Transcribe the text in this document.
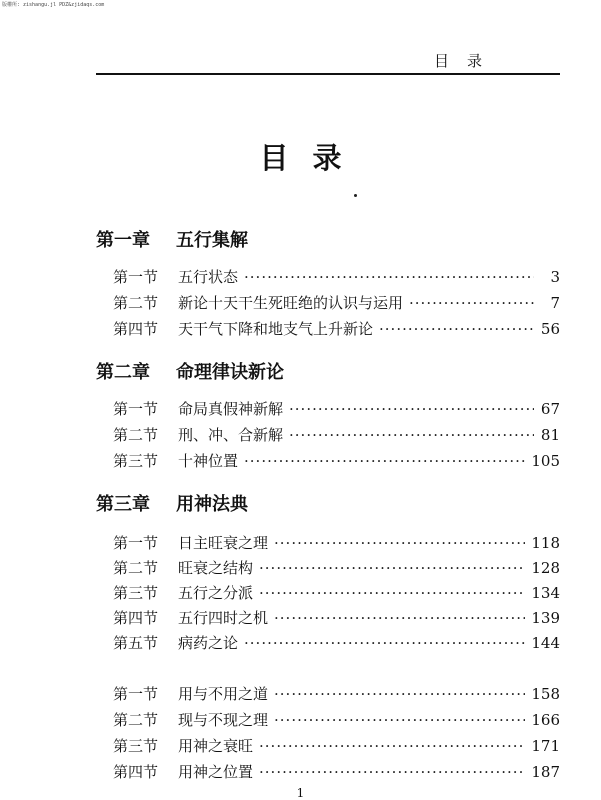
版權所: zishangu.jl PDZ&zjidaqs.com
目录
目录
第一章 五行集解
第一节	五行状态 ·····	3
第二节	新论十天干生死旺绝的认识与运用 ·····	7
第四节	天干气下降和地支气上升新论 ·····	56
第二章 命理律诀新论
第一节	命局真假神新解 ·····	67
第二节	刑、冲、合新解 ·····	81
第三节	十神位置 ·····	105
第三章 用神法典
第一节	日主旺衰之理 ·····	118
第二节	旺衰之结构 ·····	128
第三节	五行之分派 ·····	134
第四节	五行四时之机 ·····	139
第五节	病药之论 ·····	144
第一节	用与不用之道 ·····	158
第二节	现与不现之理 ·····	166
第三节	用神之衰旺 ·····	171
第四节	用神之位置 ·····	187
1
